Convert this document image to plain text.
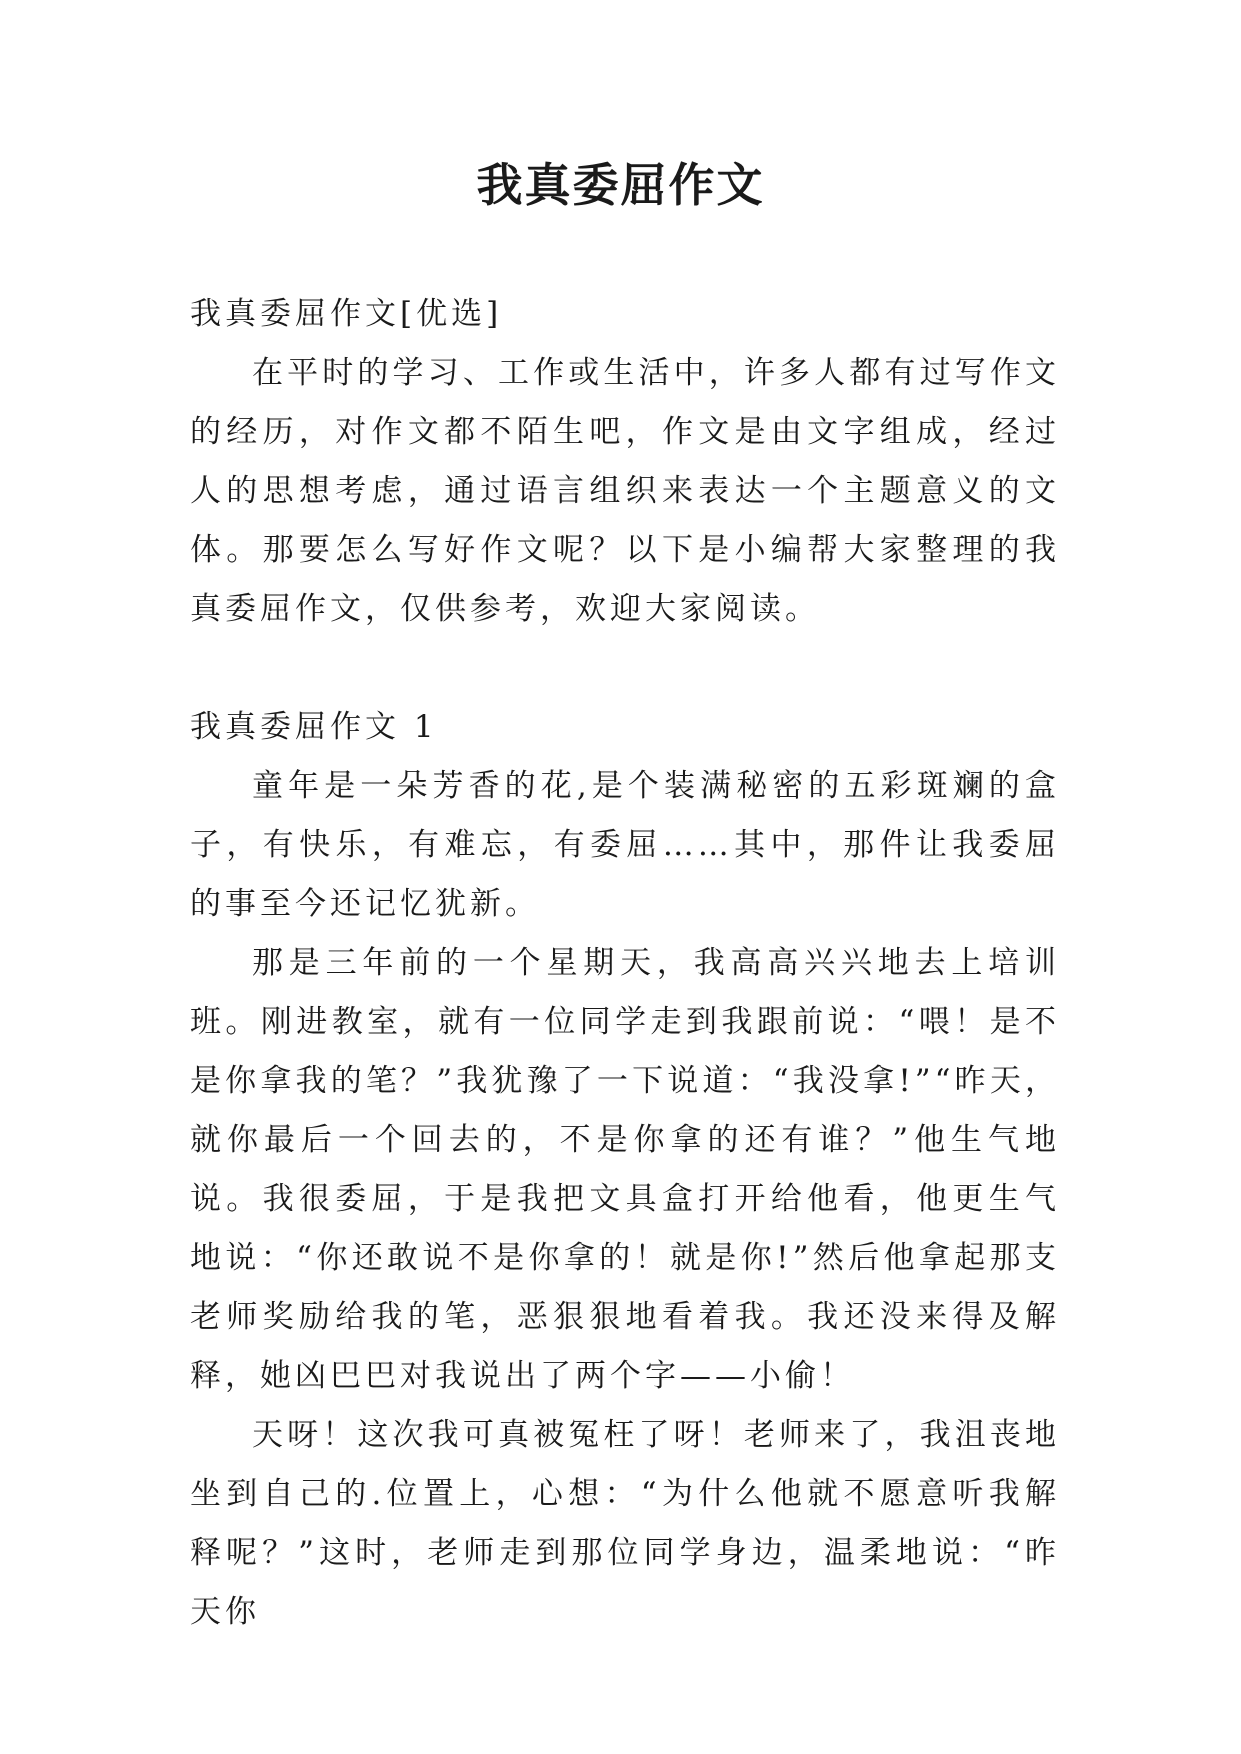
我真委屈作文

我真委屈作文[优选]

在平时的学习、工作或生活中，许多人都有过写作文的经历，对作文都不陌生吧，作文是由文字组成，经过人的思想考虑，通过语言组织来表达一个主题意义的文体。那要怎么写好作文呢？以下是小编帮大家整理的我真委屈作文，仅供参考，欢迎大家阅读。

我真委屈作文 1

童年是一朵芳香的花,是个装满秘密的五彩斑斓的盒子，有快乐，有难忘，有委屈……其中，那件让我委屈的事至今还记忆犹新。

那是三年前的一个星期天，我高高兴兴地去上培训班。刚进教室，就有一位同学走到我跟前说：“喂！是不是你拿我的笔？”我犹豫了一下说道：“我没拿!”“昨天，就你最后一个回去的，不是你拿的还有谁？”他生气地说。我很委屈，于是我把文具盒打开给他看，他更生气地说：“你还敢说不是你拿的！就是你!”然后他拿起那支老师奖励给我的笔，恶狠狠地看着我。我还没来得及解释，她凶巴巴对我说出了两个字——小偷！

天呀！这次我可真被冤枉了呀！老师来了，我沮丧地坐到自己的.位置上，心想：“为什么他就不愿意听我解释呢？”这时，老师走到那位同学身边，温柔地说：“昨天你
